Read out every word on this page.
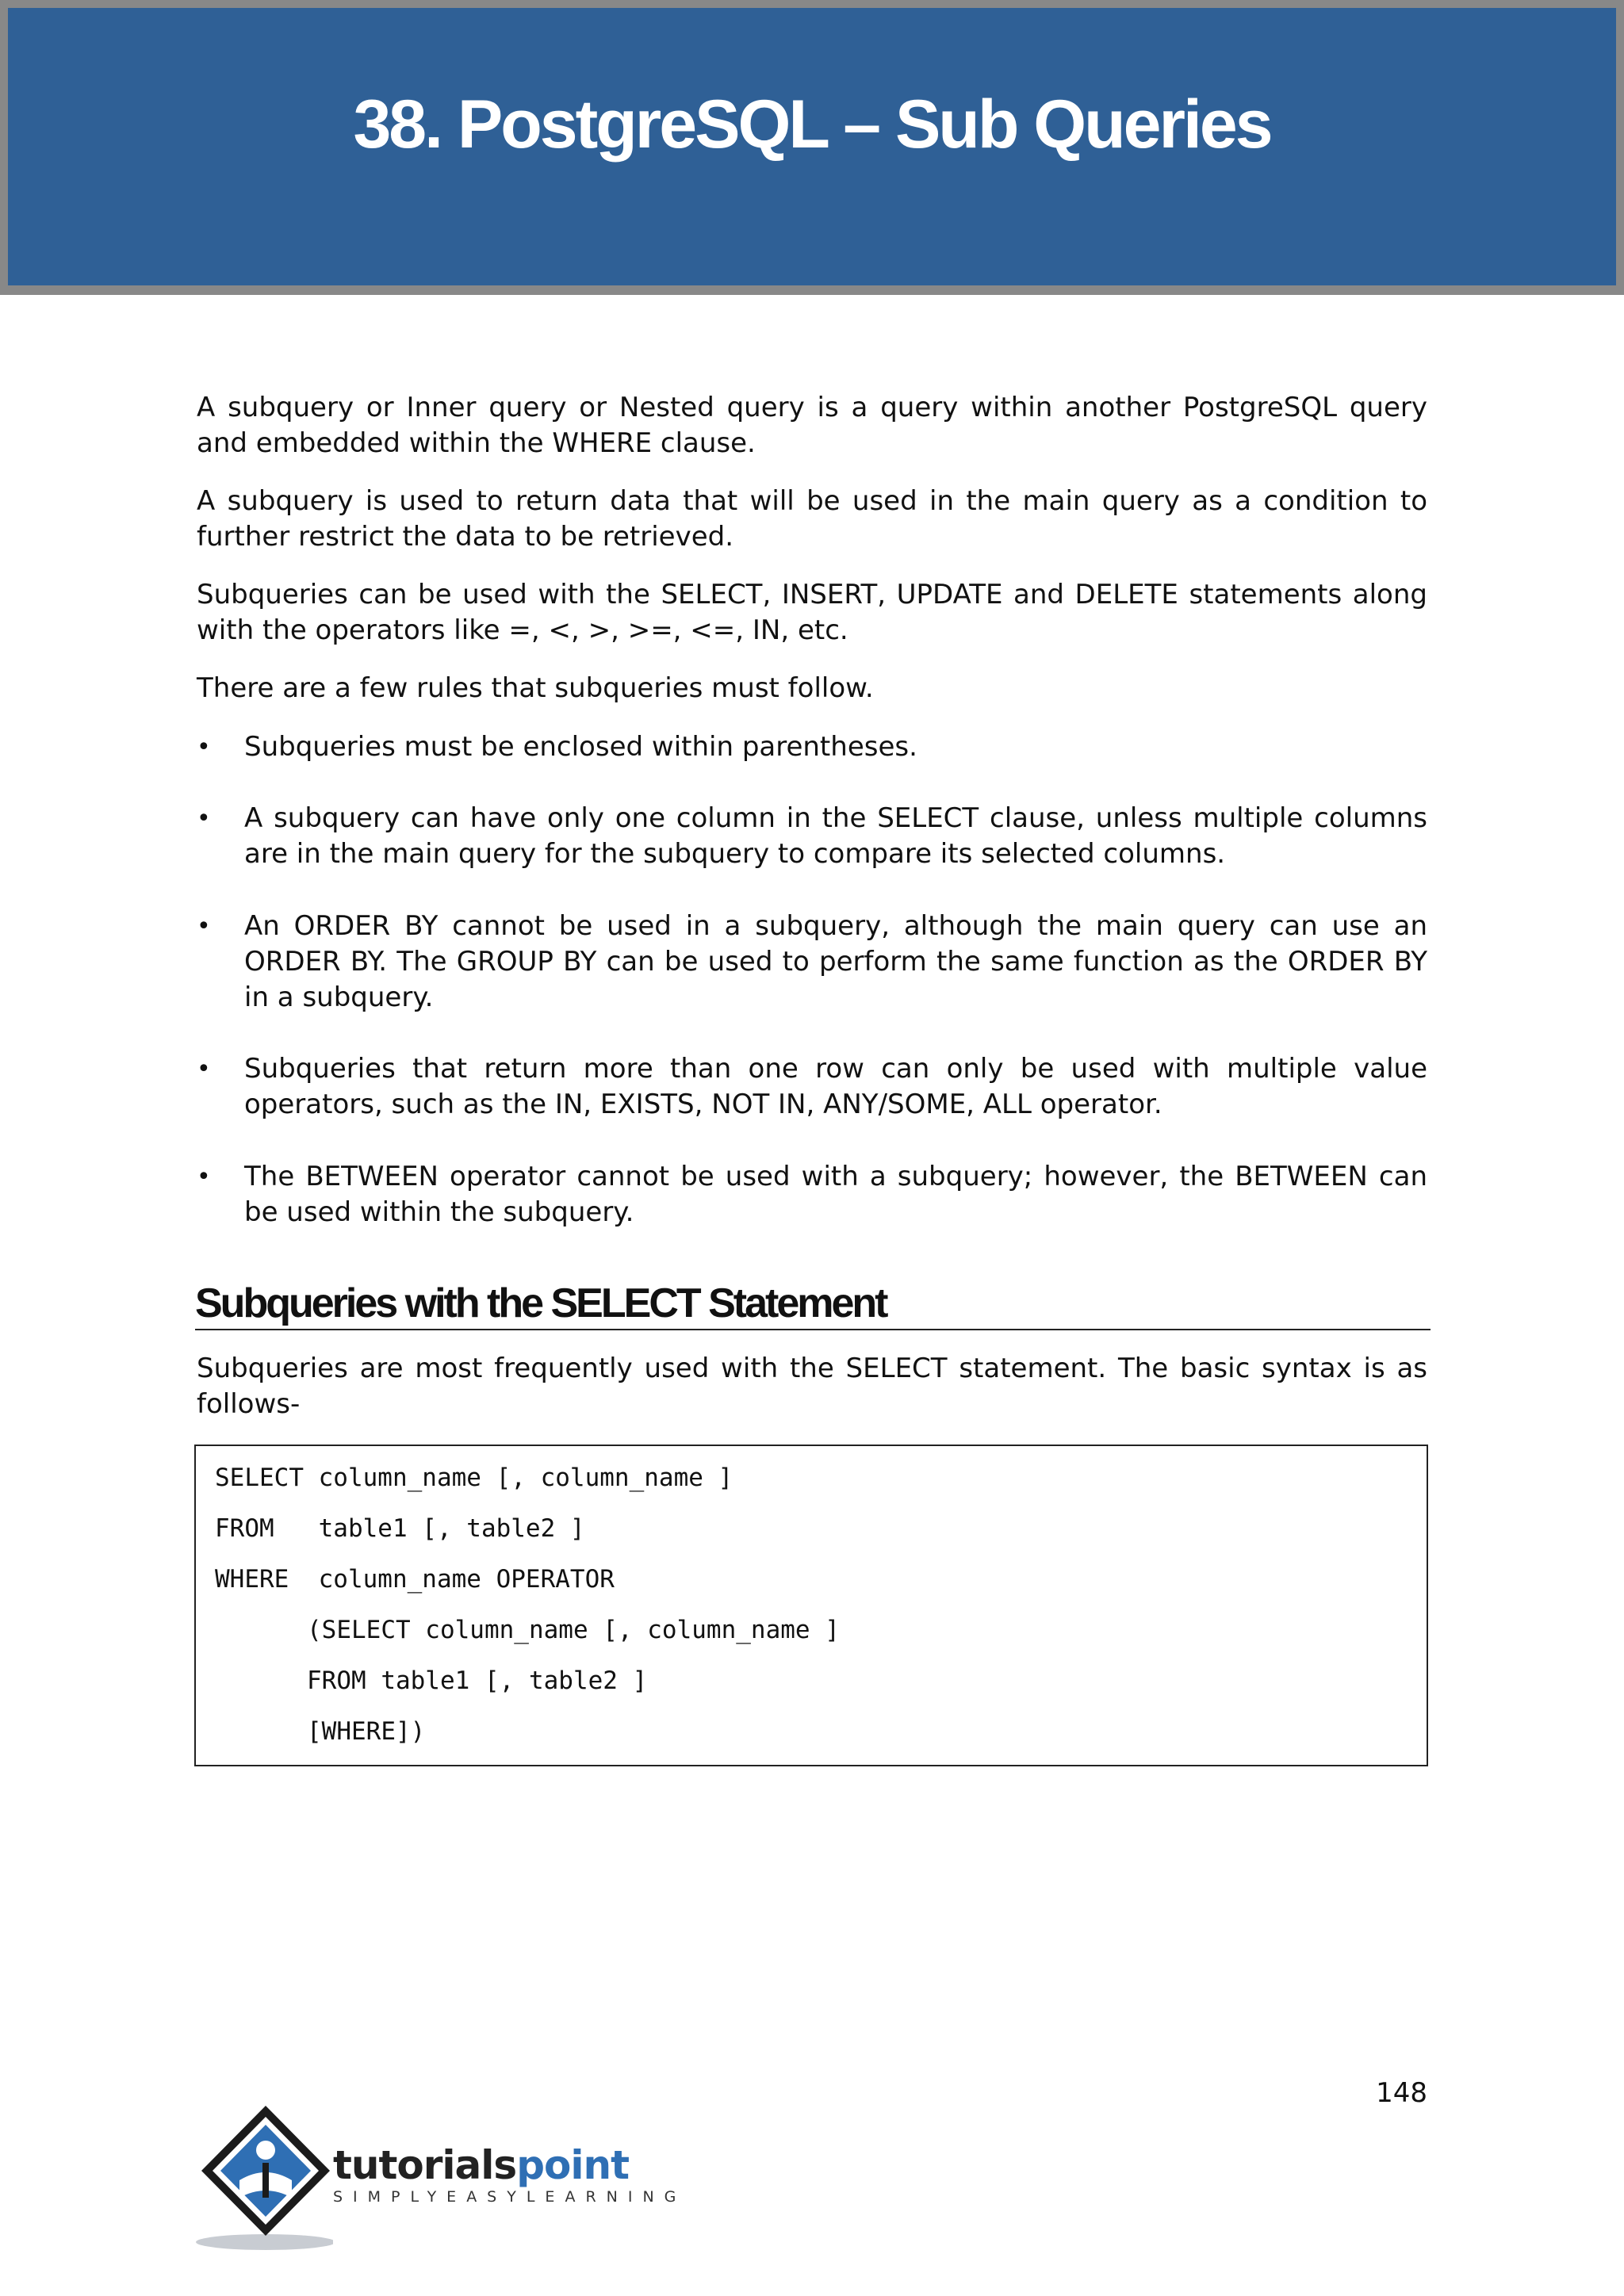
38. PostgreSQL – Sub Queries

A subquery or Inner query or Nested query is a query within another PostgreSQL query and embedded within the WHERE clause.

A subquery is used to return data that will be used in the main query as a condition to further restrict the data to be retrieved.

Subqueries can be used with the SELECT, INSERT, UPDATE and DELETE statements along with the operators like =, <, >, >=, <=, IN, etc.

There are a few rules that subqueries must follow.

•	Subqueries must be enclosed within parentheses.

•	A subquery can have only one column in the SELECT clause, unless multiple columns are in the main query for the subquery to compare its selected columns.

•	An ORDER BY cannot be used in a subquery, although the main query can use an ORDER BY. The GROUP BY can be used to perform the same function as the ORDER BY in a subquery.

•	Subqueries that return more than one row can only be used with multiple value operators, such as the IN, EXISTS, NOT IN, ANY/SOME, ALL operator.

•	The BETWEEN operator cannot be used with a subquery; however, the BETWEEN can be used within the subquery.

Subqueries with the SELECT Statement

Subqueries are most frequently used with the SELECT statement. The basic syntax is as follows-

SELECT column_name [, column_name ]
FROM   table1 [, table2 ]
WHERE  column_name OPERATOR
(SELECT column_name [, column_name ]
FROM table1 [, table2 ]
[WHERE])
148
tutorialspoint
SIMPLYEASYLEARNING
